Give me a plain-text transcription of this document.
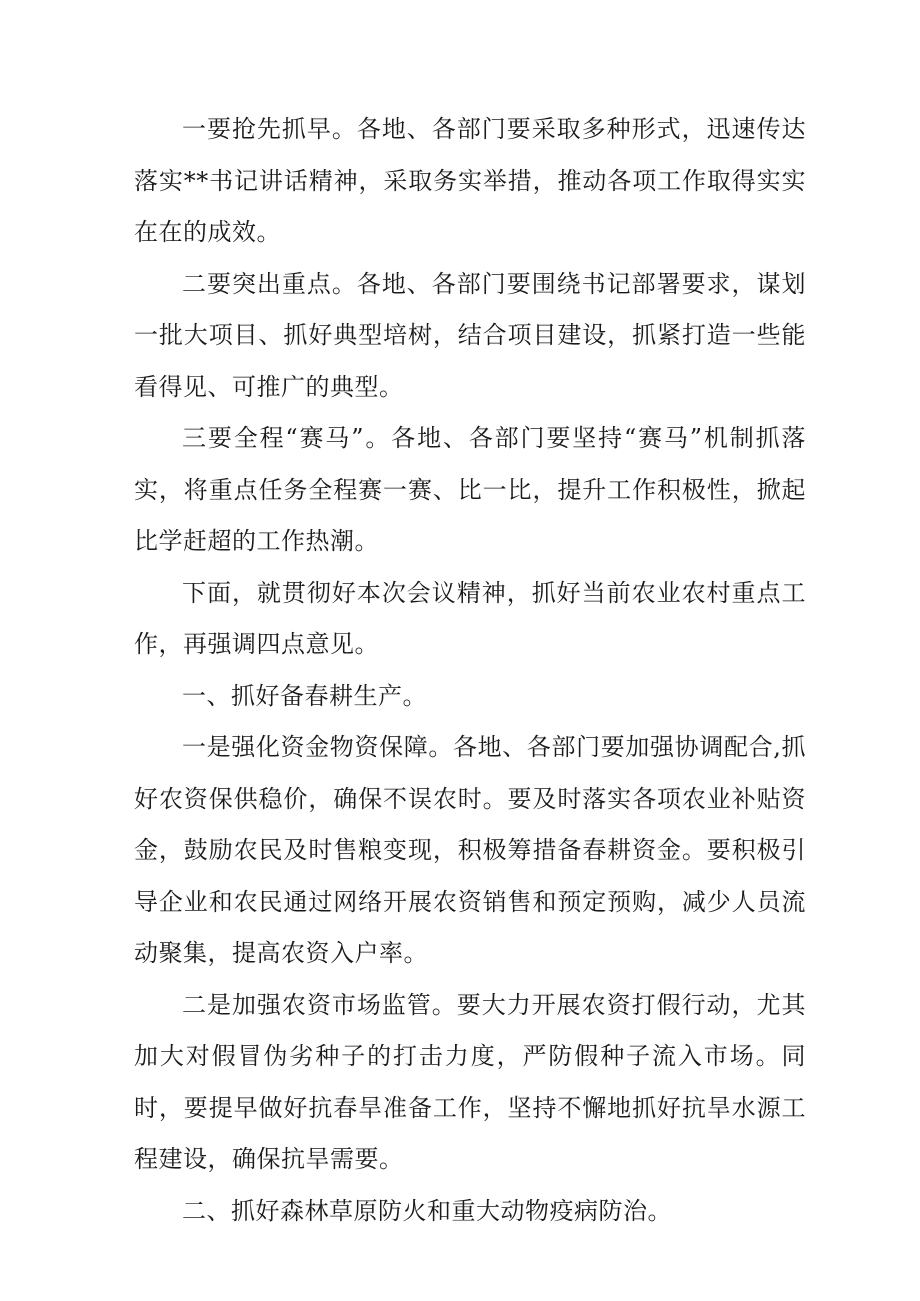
一要抢先抓早。各地、各部门要采取多种形式，迅速传达落实**书记讲话精神，采取务实举措，推动各项工作取得实实在在的成效。

二要突出重点。各地、各部门要围绕书记部署要求，谋划一批大项目、抓好典型培树，结合项目建设，抓紧打造一些能看得见、可推广的典型。

三要全程“赛马”。各地、各部门要坚持“赛马”机制抓落实，将重点任务全程赛一赛、比一比，提升工作积极性，掀起比学赶超的工作热潮。

下面，就贯彻好本次会议精神，抓好当前农业农村重点工作，再强调四点意见。

一、抓好备春耕生产。

一是强化资金物资保障。各地、各部门要加强协调配合,抓好农资保供稳价，确保不误农时。要及时落实各项农业补贴资金，鼓励农民及时售粮变现，积极筹措备春耕资金。要积极引导企业和农民通过网络开展农资销售和预定预购，减少人员流动聚集，提高农资入户率。

二是加强农资市场监管。要大力开展农资打假行动，尤其加大对假冒伪劣种子的打击力度，严防假种子流入市场。同时，要提早做好抗春旱准备工作，坚持不懈地抓好抗旱水源工程建设，确保抗旱需要。

二、抓好森林草原防火和重大动物疫病防治。
